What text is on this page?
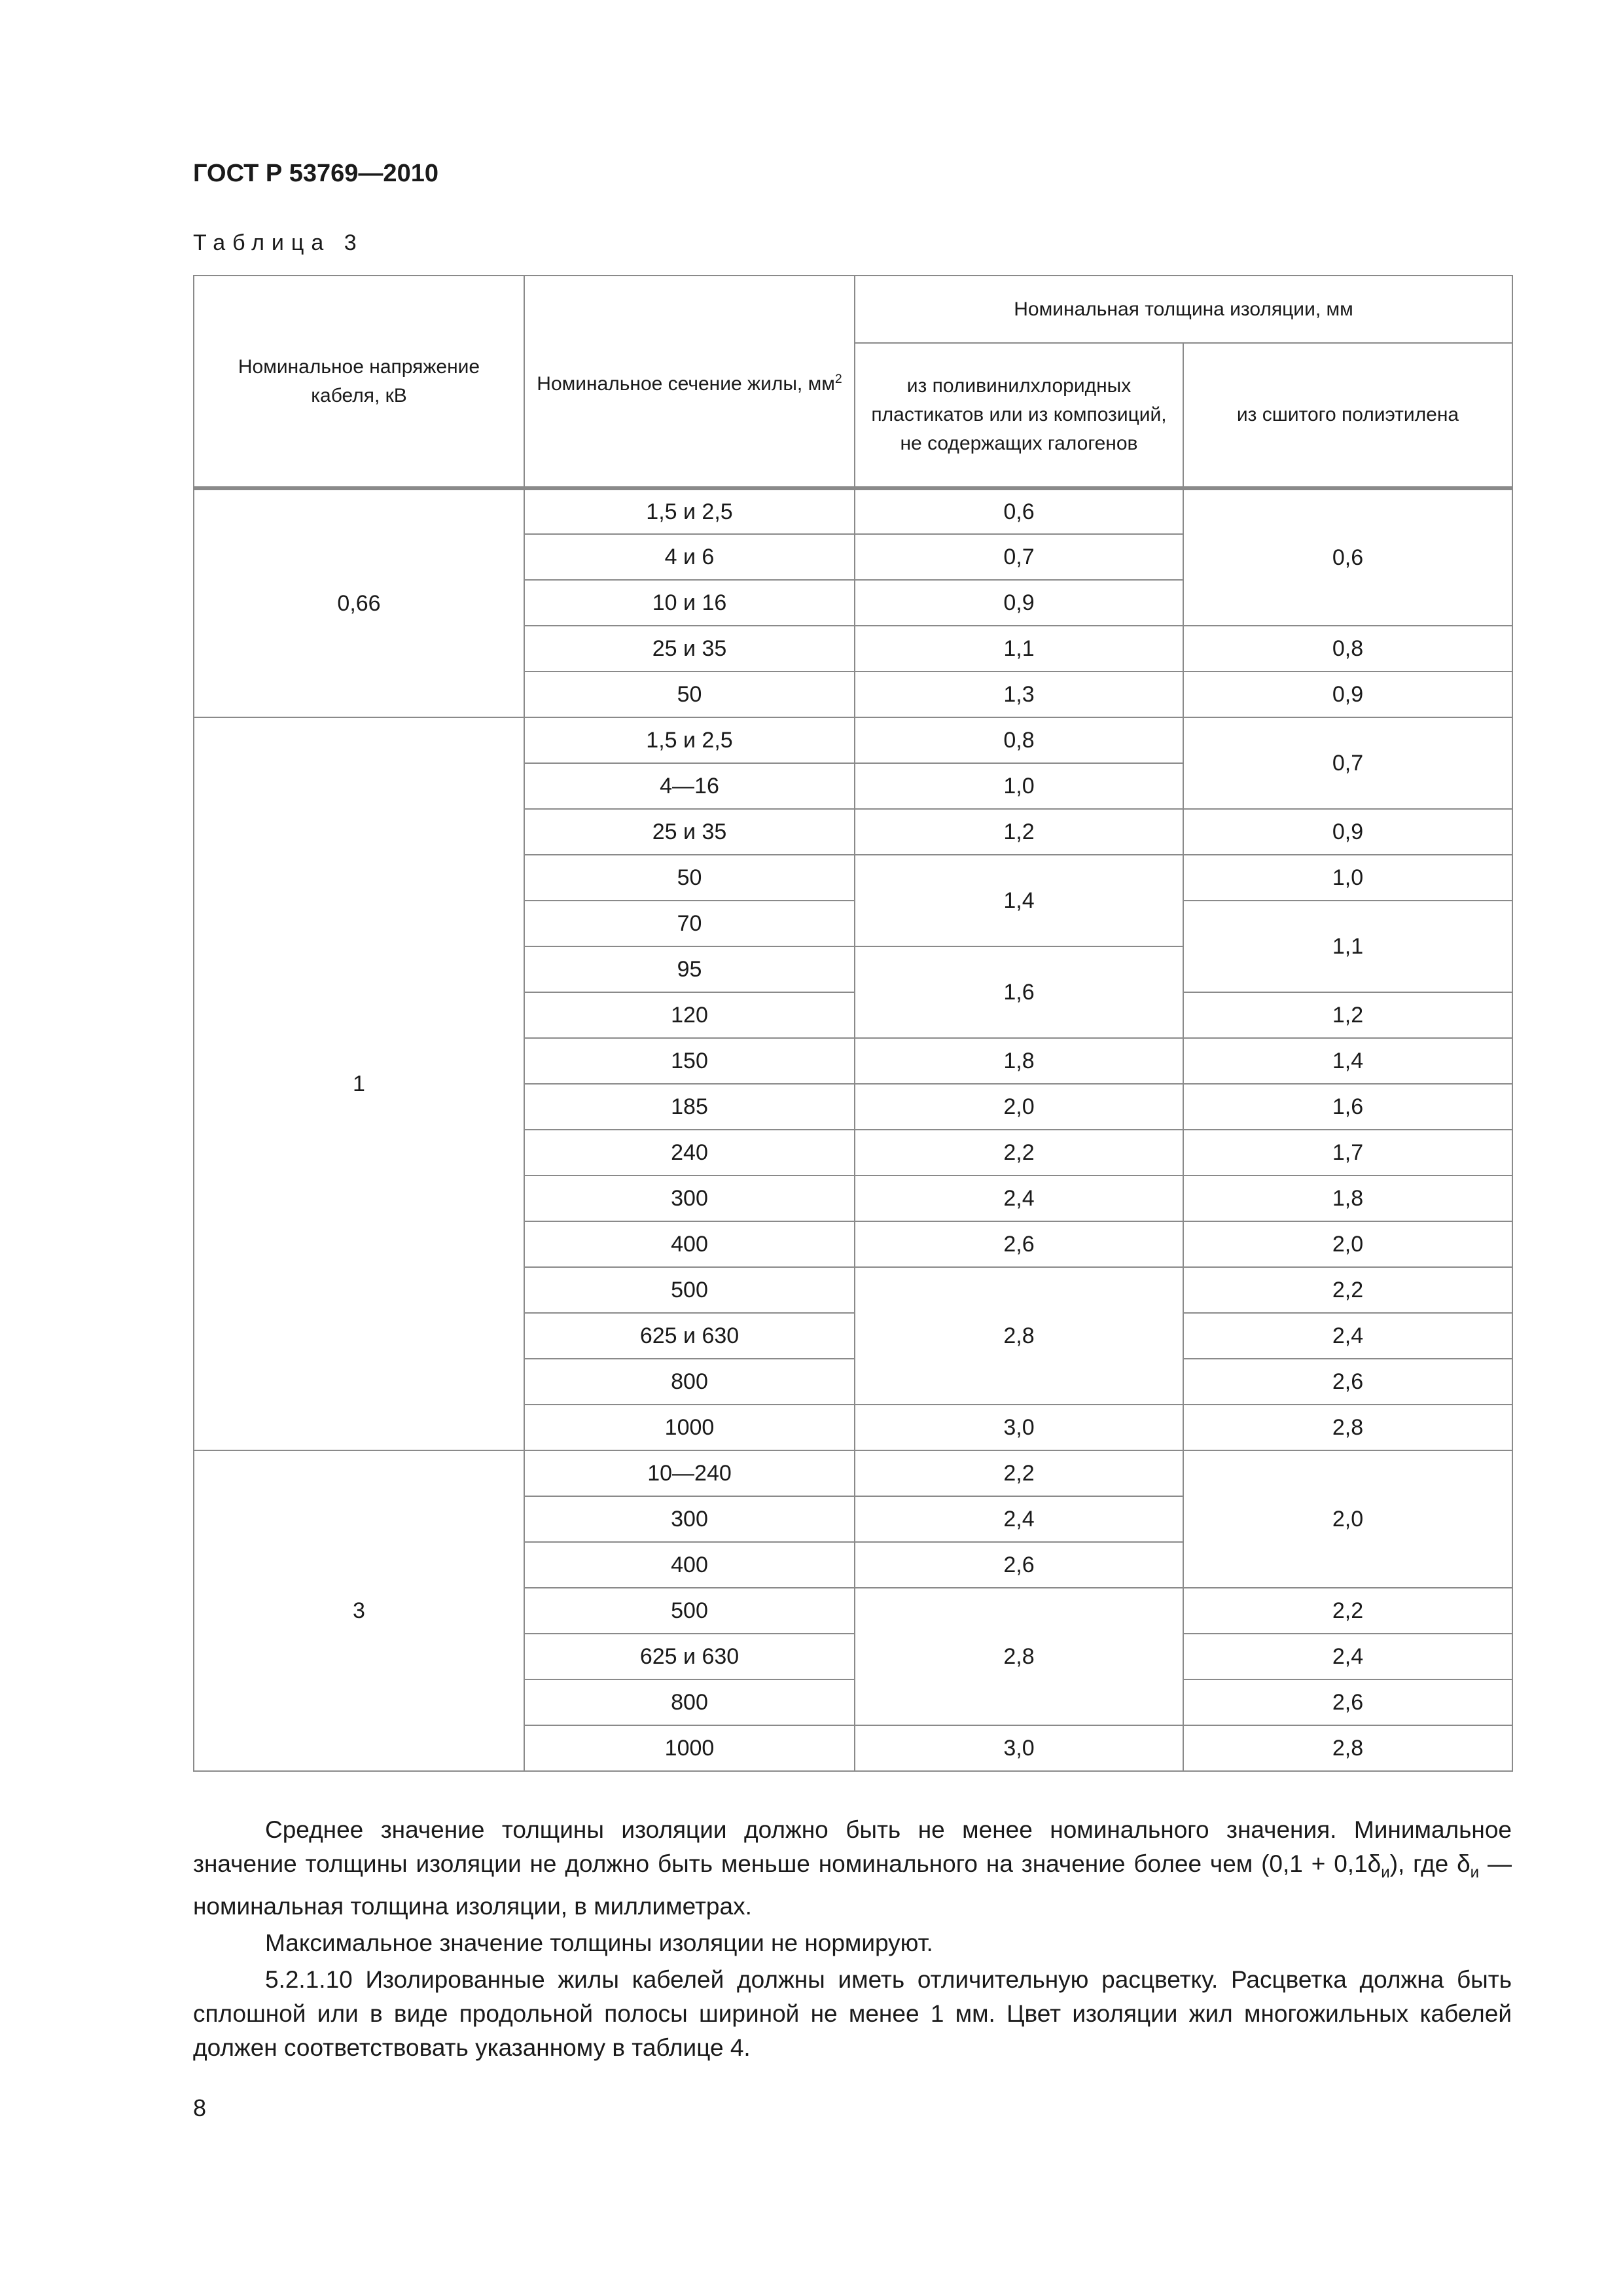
ГОСТ Р 53769—2010
Таблица 3
Номинальное напряжение кабеля, кВ	Номинальное сечение жилы, $мм^2$	Номинальная толщина изоляции, мм	
		из поливинилхлоридных пластикатов или из композиций, не содержащих галогенов	из сшитого полиэтилена
0,66	1,5 и 2,5	0,6	0,6
	4 и 6	0,7	
	10 и 16	0,9	
	25 и 35	1,1	0,8
	50	1,3	0,9
1	1,5 и 2,5	0,8	0,7
	4—16	1,0	
	25 и 35	1,2	0,9
	50	1,4	1,0
	70		1,1
	95	1,6	
	120		1,2
	150	1,8	1,4
	185	2,0	1,6
	240	2,2	1,7
	300	2,4	1,8
	400	2,6	2,0
	500	2,8	2,2
	625 и 630		2,4
	800		2,6
	1000	3,0	2,8
3	10—240	2,2	2,0
	300	2,4	
	400	2,6	
	500	2,8	2,2
	625 и 630		2,4
	800		2,6
	1000	3,0	2,8

Среднее значение толщины изоляции должно быть не менее номинального значения. Минимальное значение толщины изоляции не должно быть меньше номинального на значение более чем $(0,1 + 0,1\delta_и)$, где $\delta_и$ — номинальная толщина изоляции, в миллиметрах.

Максимальное значение толщины изоляции не нормируют.

5.2.1.10 Изолированные жилы кабелей должны иметь отличительную расцветку. Расцветка должна быть сплошной или в виде продольной полосы шириной не менее 1 мм. Цвет изоляции жил многожильных кабелей должен соответствовать указанному в таблице 4.

8
